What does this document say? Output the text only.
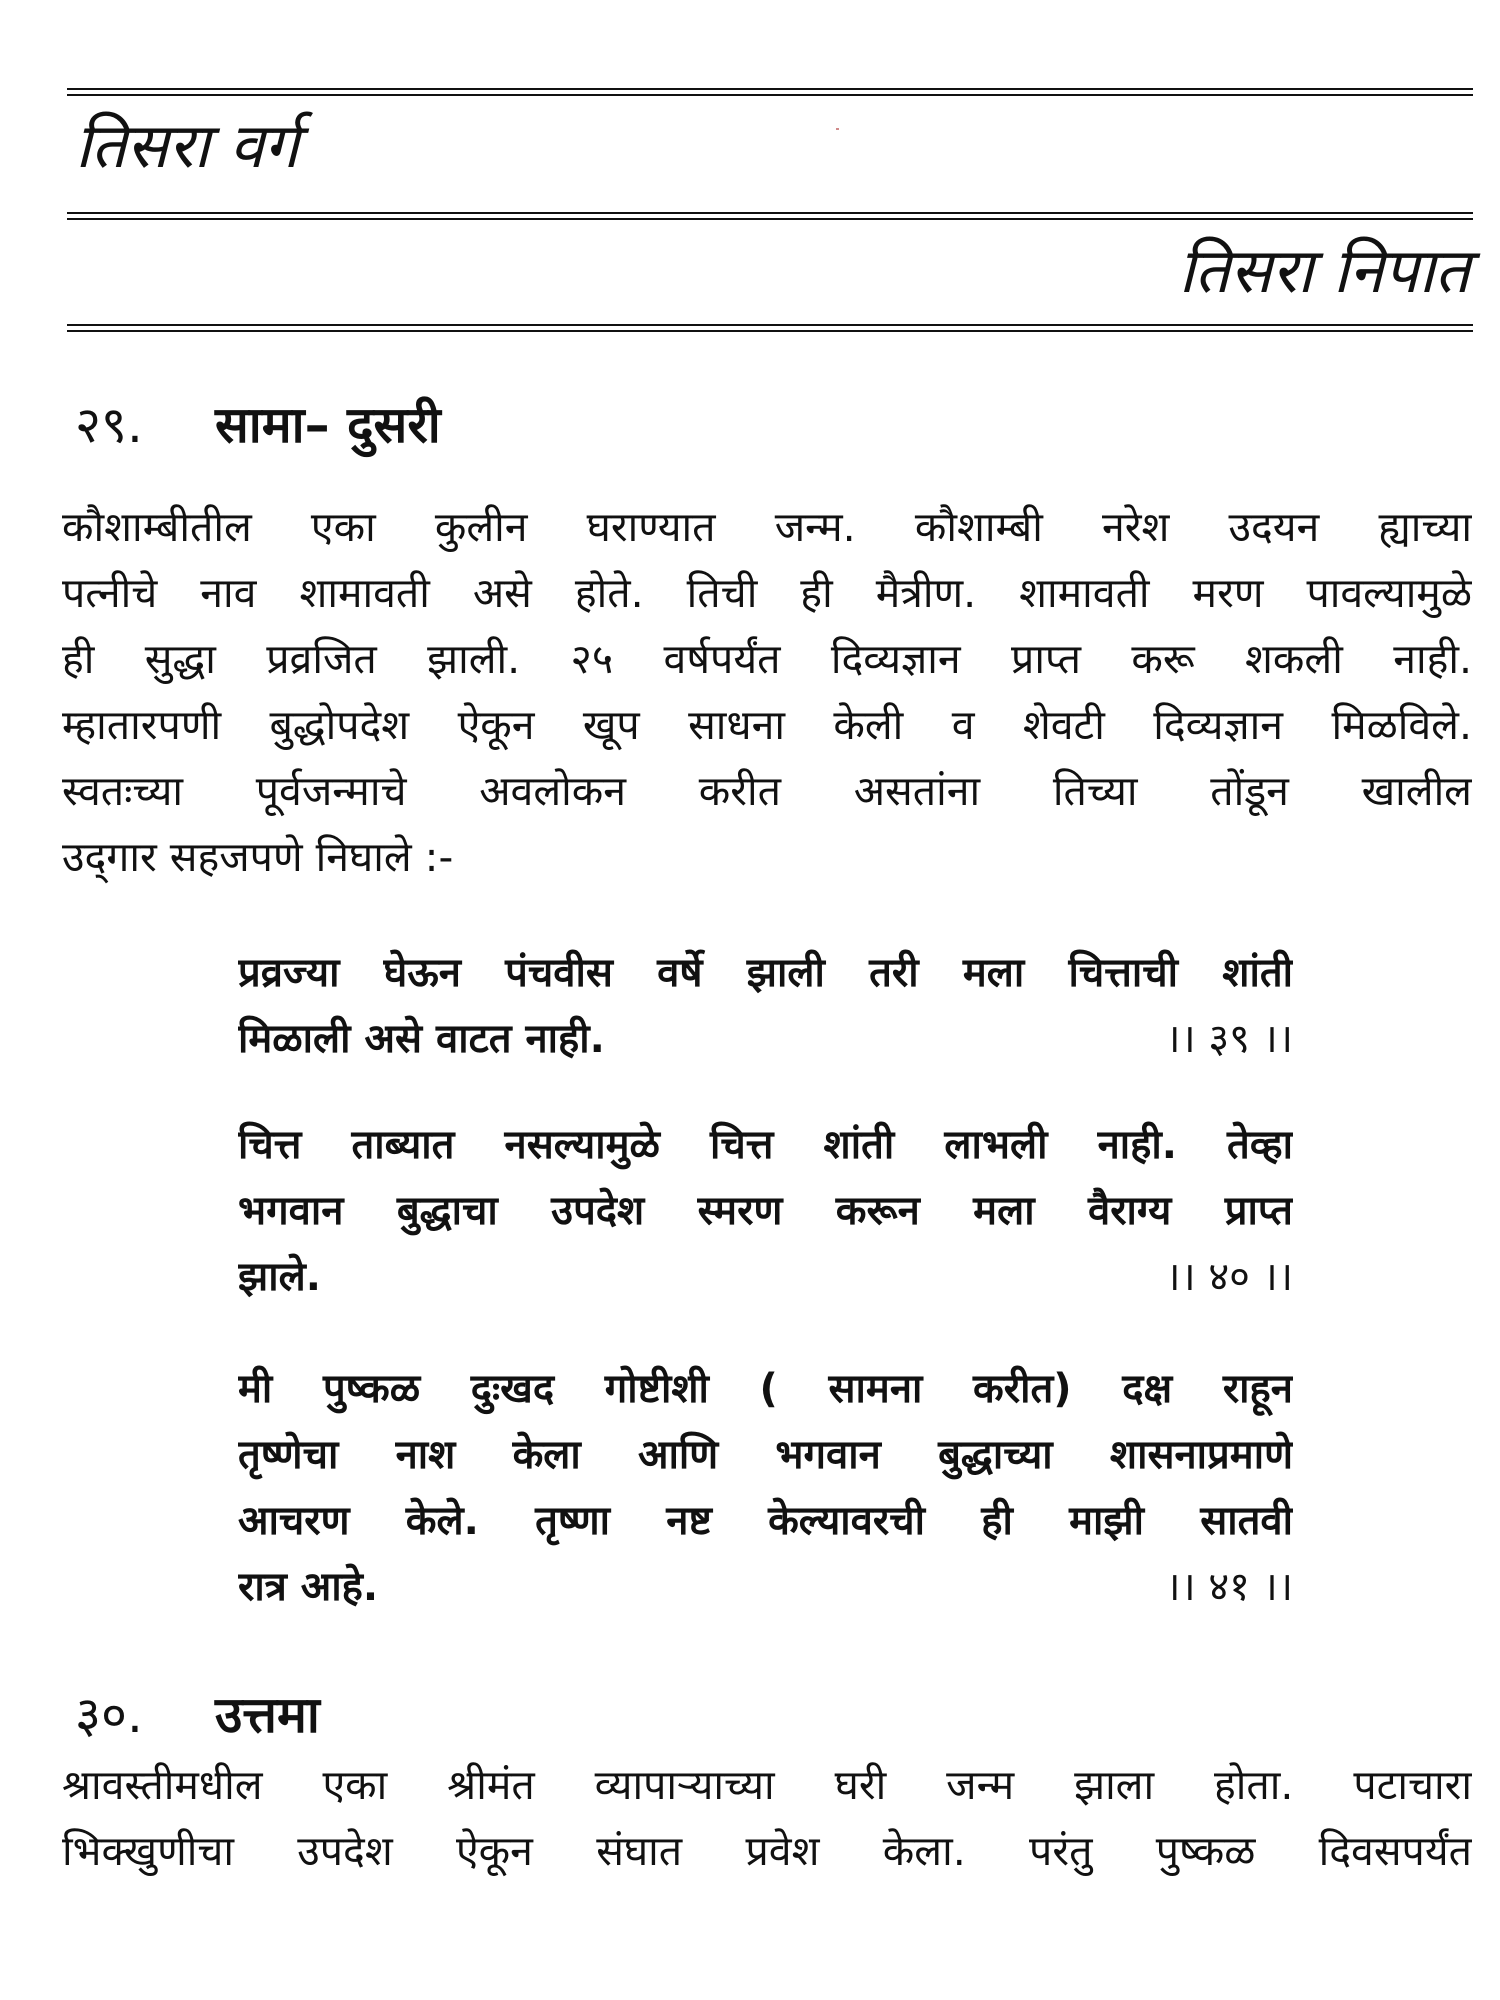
तिसरा वर्ग
तिसरा निपात
२९. सामा– दुसरी
कौशाम्बीतील एका कुलीन घराण्यात जन्म. कौशाम्बी नरेश उदयन ह्याच्या
पत्नीचे नाव शामावती असे होते. तिची ही मैत्रीण. शामावती मरण पावल्यामुळे
ही सुद्धा प्रव्रजित झाली. २५ वर्षपर्यंत दिव्यज्ञान प्राप्त करू शकली नाही.
म्हातारपणी बुद्धोपदेश ऐकून खूप साधना केली व शेवटी दिव्यज्ञान मिळविले.
स्वतःच्या पूर्वजन्माचे अवलोकन करीत असतांना तिच्या तोंडून खालील
उद्‌गार सहजपणे निघाले :-
प्रव्रज्या घेऊन पंचवीस वर्षे झाली तरी मला चित्ताची शांती
मिळाली असे वाटत नाही.	।। ३९ ।।
चित्त ताब्यात नसल्यामुळे चित्त शांती लाभली नाही. तेव्हा
भगवान बुद्धाचा उपदेश स्मरण करून मला वैराग्य प्राप्त
झाले.	।। ४० ।।
मी पुष्कळ दुःखद गोष्टीशी ( सामना करीत) दक्ष राहून
तृष्णेचा नाश केला आणि भगवान बुद्धाच्या शासनाप्रमाणे
आचरण केले. तृष्णा नष्ट केल्यावरची ही माझी सातवी
रात्र आहे.	।। ४१ ।।
३०. उत्तमा
श्रावस्तीमधील एका श्रीमंत व्यापाऱ्याच्या घरी जन्म झाला होता. पटाचारा
भिक्खुणीचा उपदेश ऐकून संघात प्रवेश केला. परंतु पुष्कळ दिवसपर्यंत
